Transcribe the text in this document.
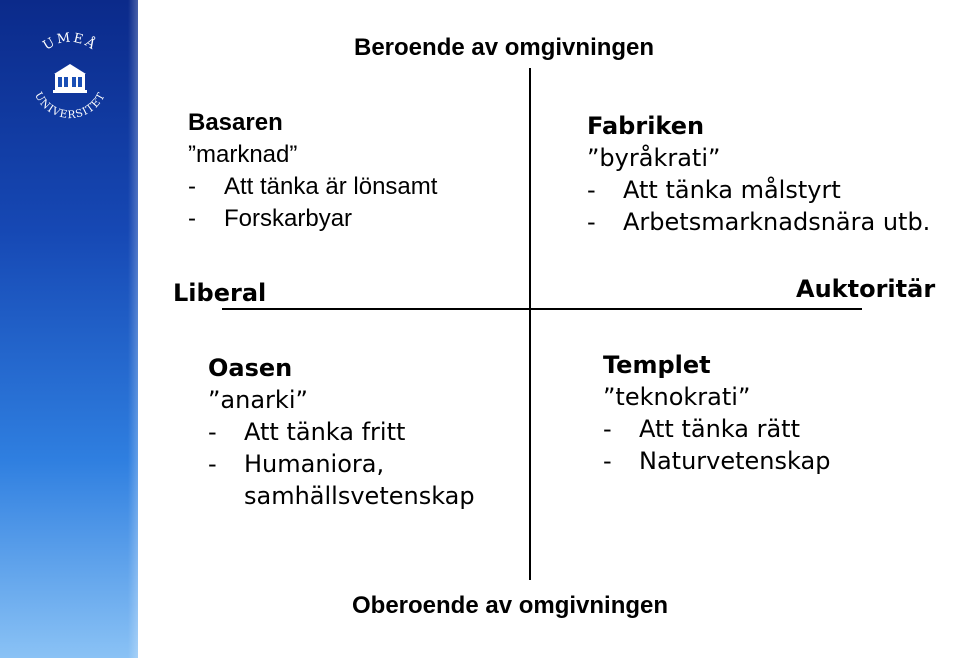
UMEÅ
UNIVERSITET
Beroende av omgivningen
Oberoende av omgivningen
Liberal	Auktoritär
Basaren
”marknad”
- Att tänka är lönsamt
- Forskarbyar
Fabriken
”byråkrati”
- Att tänka målstyrt
- Arbetsmarknadsnära utb.
Oasen
”anarki”
- Att tänka fritt
- Humaniora,
samhällsvetenskap
Templet
”teknokrati”
- Att tänka rätt
- Naturvetenskap
